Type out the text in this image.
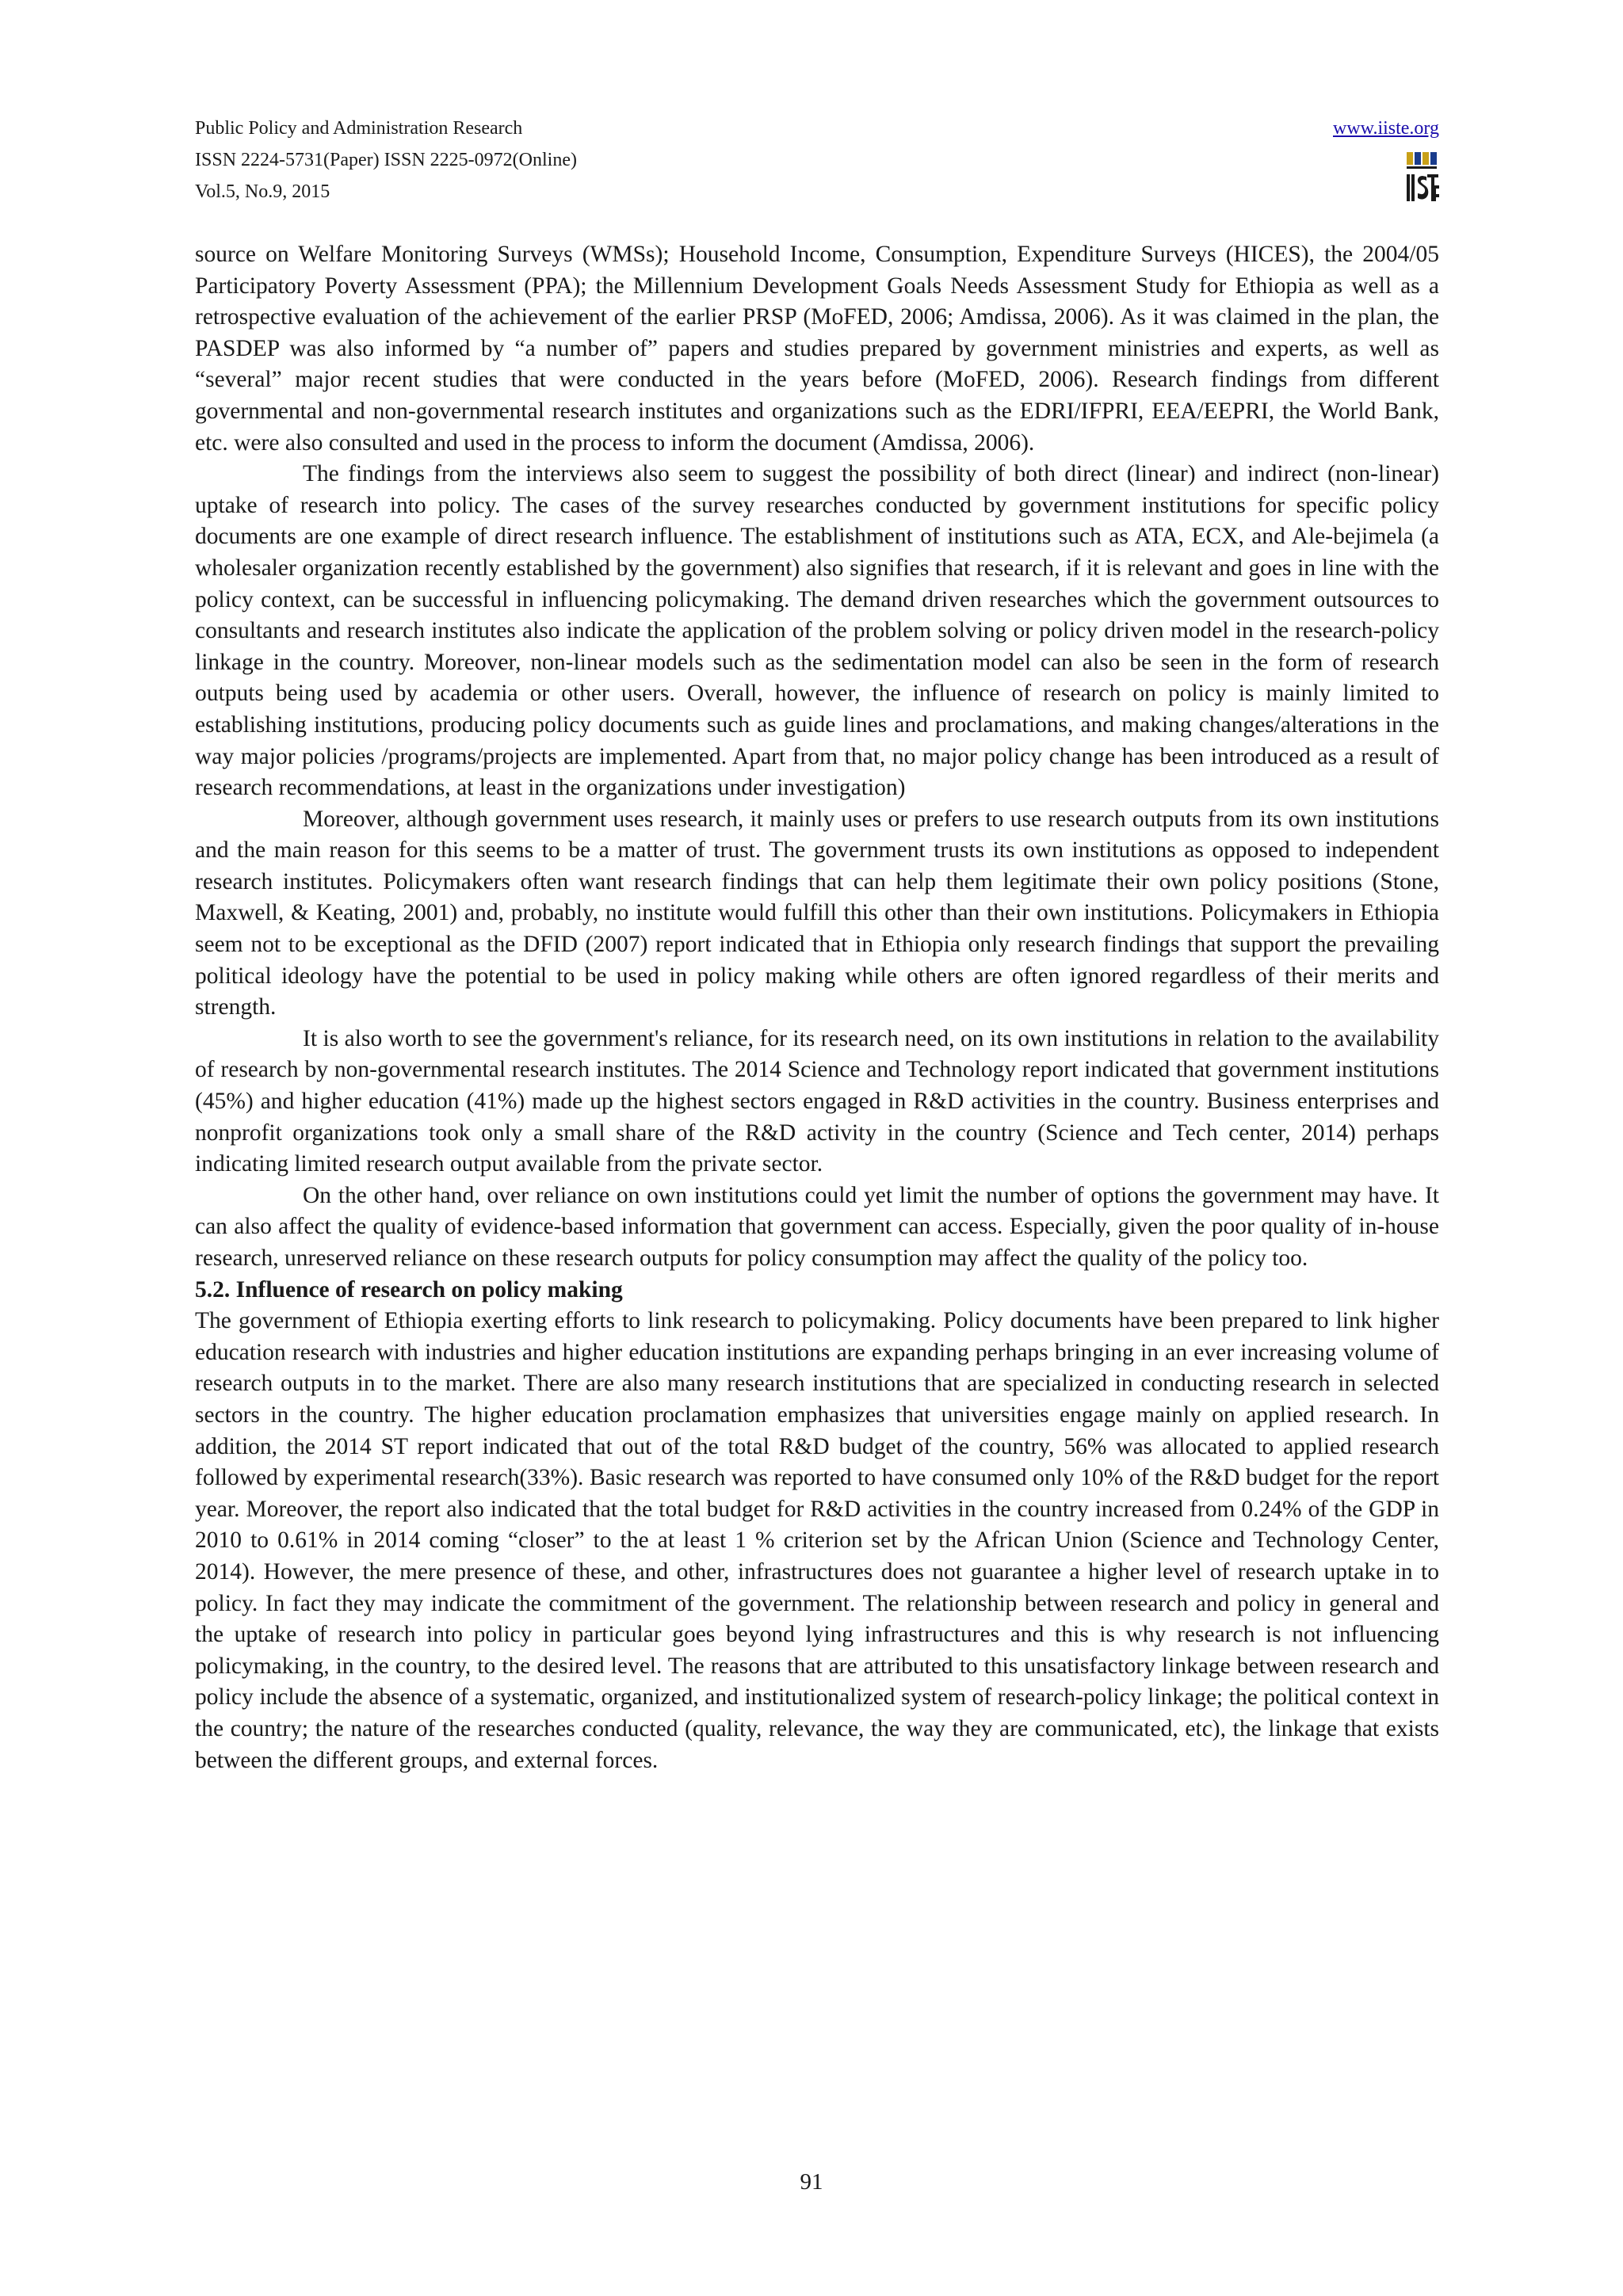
Public Policy and Administration Research
ISSN 2224-5731(Paper) ISSN 2225-0972(Online)
Vol.5, No.9, 2015
www.iiste.org

source on Welfare Monitoring Surveys (WMSs); Household Income, Consumption, Expenditure Surveys (HICES), the 2004/05 Participatory Poverty Assessment (PPA); the Millennium Development Goals Needs Assessment Study for Ethiopia as well as a retrospective evaluation of the achievement of the earlier PRSP (MoFED, 2006; Amdissa, 2006). As it was claimed in the plan, the PASDEP was also informed by “a number of” papers and studies prepared by government ministries and experts, as well as “several” major recent studies that were conducted in the years before (MoFED, 2006). Research findings from different governmental and non-governmental research institutes and organizations such as the EDRI/IFPRI, EEA/EEPRI, the World Bank, etc. were also consulted and used in the process to inform the document (Amdissa, 2006).

The findings from the interviews also seem to suggest the possibility of both direct (linear) and indirect (non-linear) uptake of research into policy. The cases of the survey researches conducted by government institutions for specific policy documents are one example of direct research influence. The establishment of institutions such as ATA, ECX, and Ale-bejimela (a wholesaler organization recently established by the government) also signifies that research, if it is relevant and goes in line with the policy context, can be successful in influencing policymaking. The demand driven researches which the government outsources to consultants and research institutes also indicate the application of the problem solving or policy driven model in the research-policy linkage in the country. Moreover, non-linear models such as the sedimentation model can also be seen in the form of research outputs being used by academia or other users. Overall, however, the influence of research on policy is mainly limited to establishing institutions, producing policy documents such as guide lines and proclamations, and making changes/alterations in the way major policies /programs/projects are implemented. Apart from that, no major policy change has been introduced as a result of research recommendations, at least in the organizations under investigation)

Moreover, although government uses research, it mainly uses or prefers to use research outputs from its own institutions and the main reason for this seems to be a matter of trust. The government trusts its own institutions as opposed to independent research institutes. Policymakers often want research findings that can help them legitimate their own policy positions (Stone, Maxwell, & Keating, 2001) and, probably, no institute would fulfill this other than their own institutions. Policymakers in Ethiopia seem not to be exceptional as the DFID (2007) report indicated that in Ethiopia only research findings that support the prevailing political ideology have the potential to be used in policy making while others are often ignored regardless of their merits and strength.

It is also worth to see the government's reliance, for its research need, on its own institutions in relation to the availability of research by non-governmental research institutes. The 2014 Science and Technology report indicated that government institutions (45%) and higher education (41%) made up the highest sectors engaged in R&D activities in the country. Business enterprises and nonprofit organizations took only a small share of the R&D activity in the country (Science and Tech center, 2014) perhaps indicating limited research output available from the private sector.

On the other hand, over reliance on own institutions could yet limit the number of options the government may have. It can also affect the quality of evidence-based information that government can access. Especially, given the poor quality of in-house research, unreserved reliance on these research outputs for policy consumption may affect the quality of the policy too.

5.2. Influence of research on policy making

The government of Ethiopia exerting efforts to link research to policymaking. Policy documents have been prepared to link higher education research with industries and higher education institutions are expanding perhaps bringing in an ever increasing volume of research outputs in to the market. There are also many research institutions that are specialized in conducting research in selected sectors in the country. The higher education proclamation emphasizes that universities engage mainly on applied research. In addition, the 2014 ST report indicated that out of the total R&D budget of the country, 56% was allocated to applied research followed by experimental research(33%). Basic research was reported to have consumed only 10% of the R&D budget for the report year. Moreover, the report also indicated that the total budget for R&D activities in the country increased from 0.24% of the GDP in 2010 to 0.61% in 2014 coming “closer” to the at least 1 % criterion set by the African Union (Science and Technology Center, 2014). However, the mere presence of these, and other, infrastructures does not guarantee a higher level of research uptake in to policy. In fact they may indicate the commitment of the government. The relationship between research and policy in general and the uptake of research into policy in particular goes beyond lying infrastructures and this is why research is not influencing policymaking, in the country, to the desired level. The reasons that are attributed to this unsatisfactory linkage between research and policy include the absence of a systematic, organized, and institutionalized system of research-policy linkage; the political context in the country; the nature of the researches conducted (quality, relevance, the way they are communicated, etc), the linkage that exists between the different groups, and external forces.

91
